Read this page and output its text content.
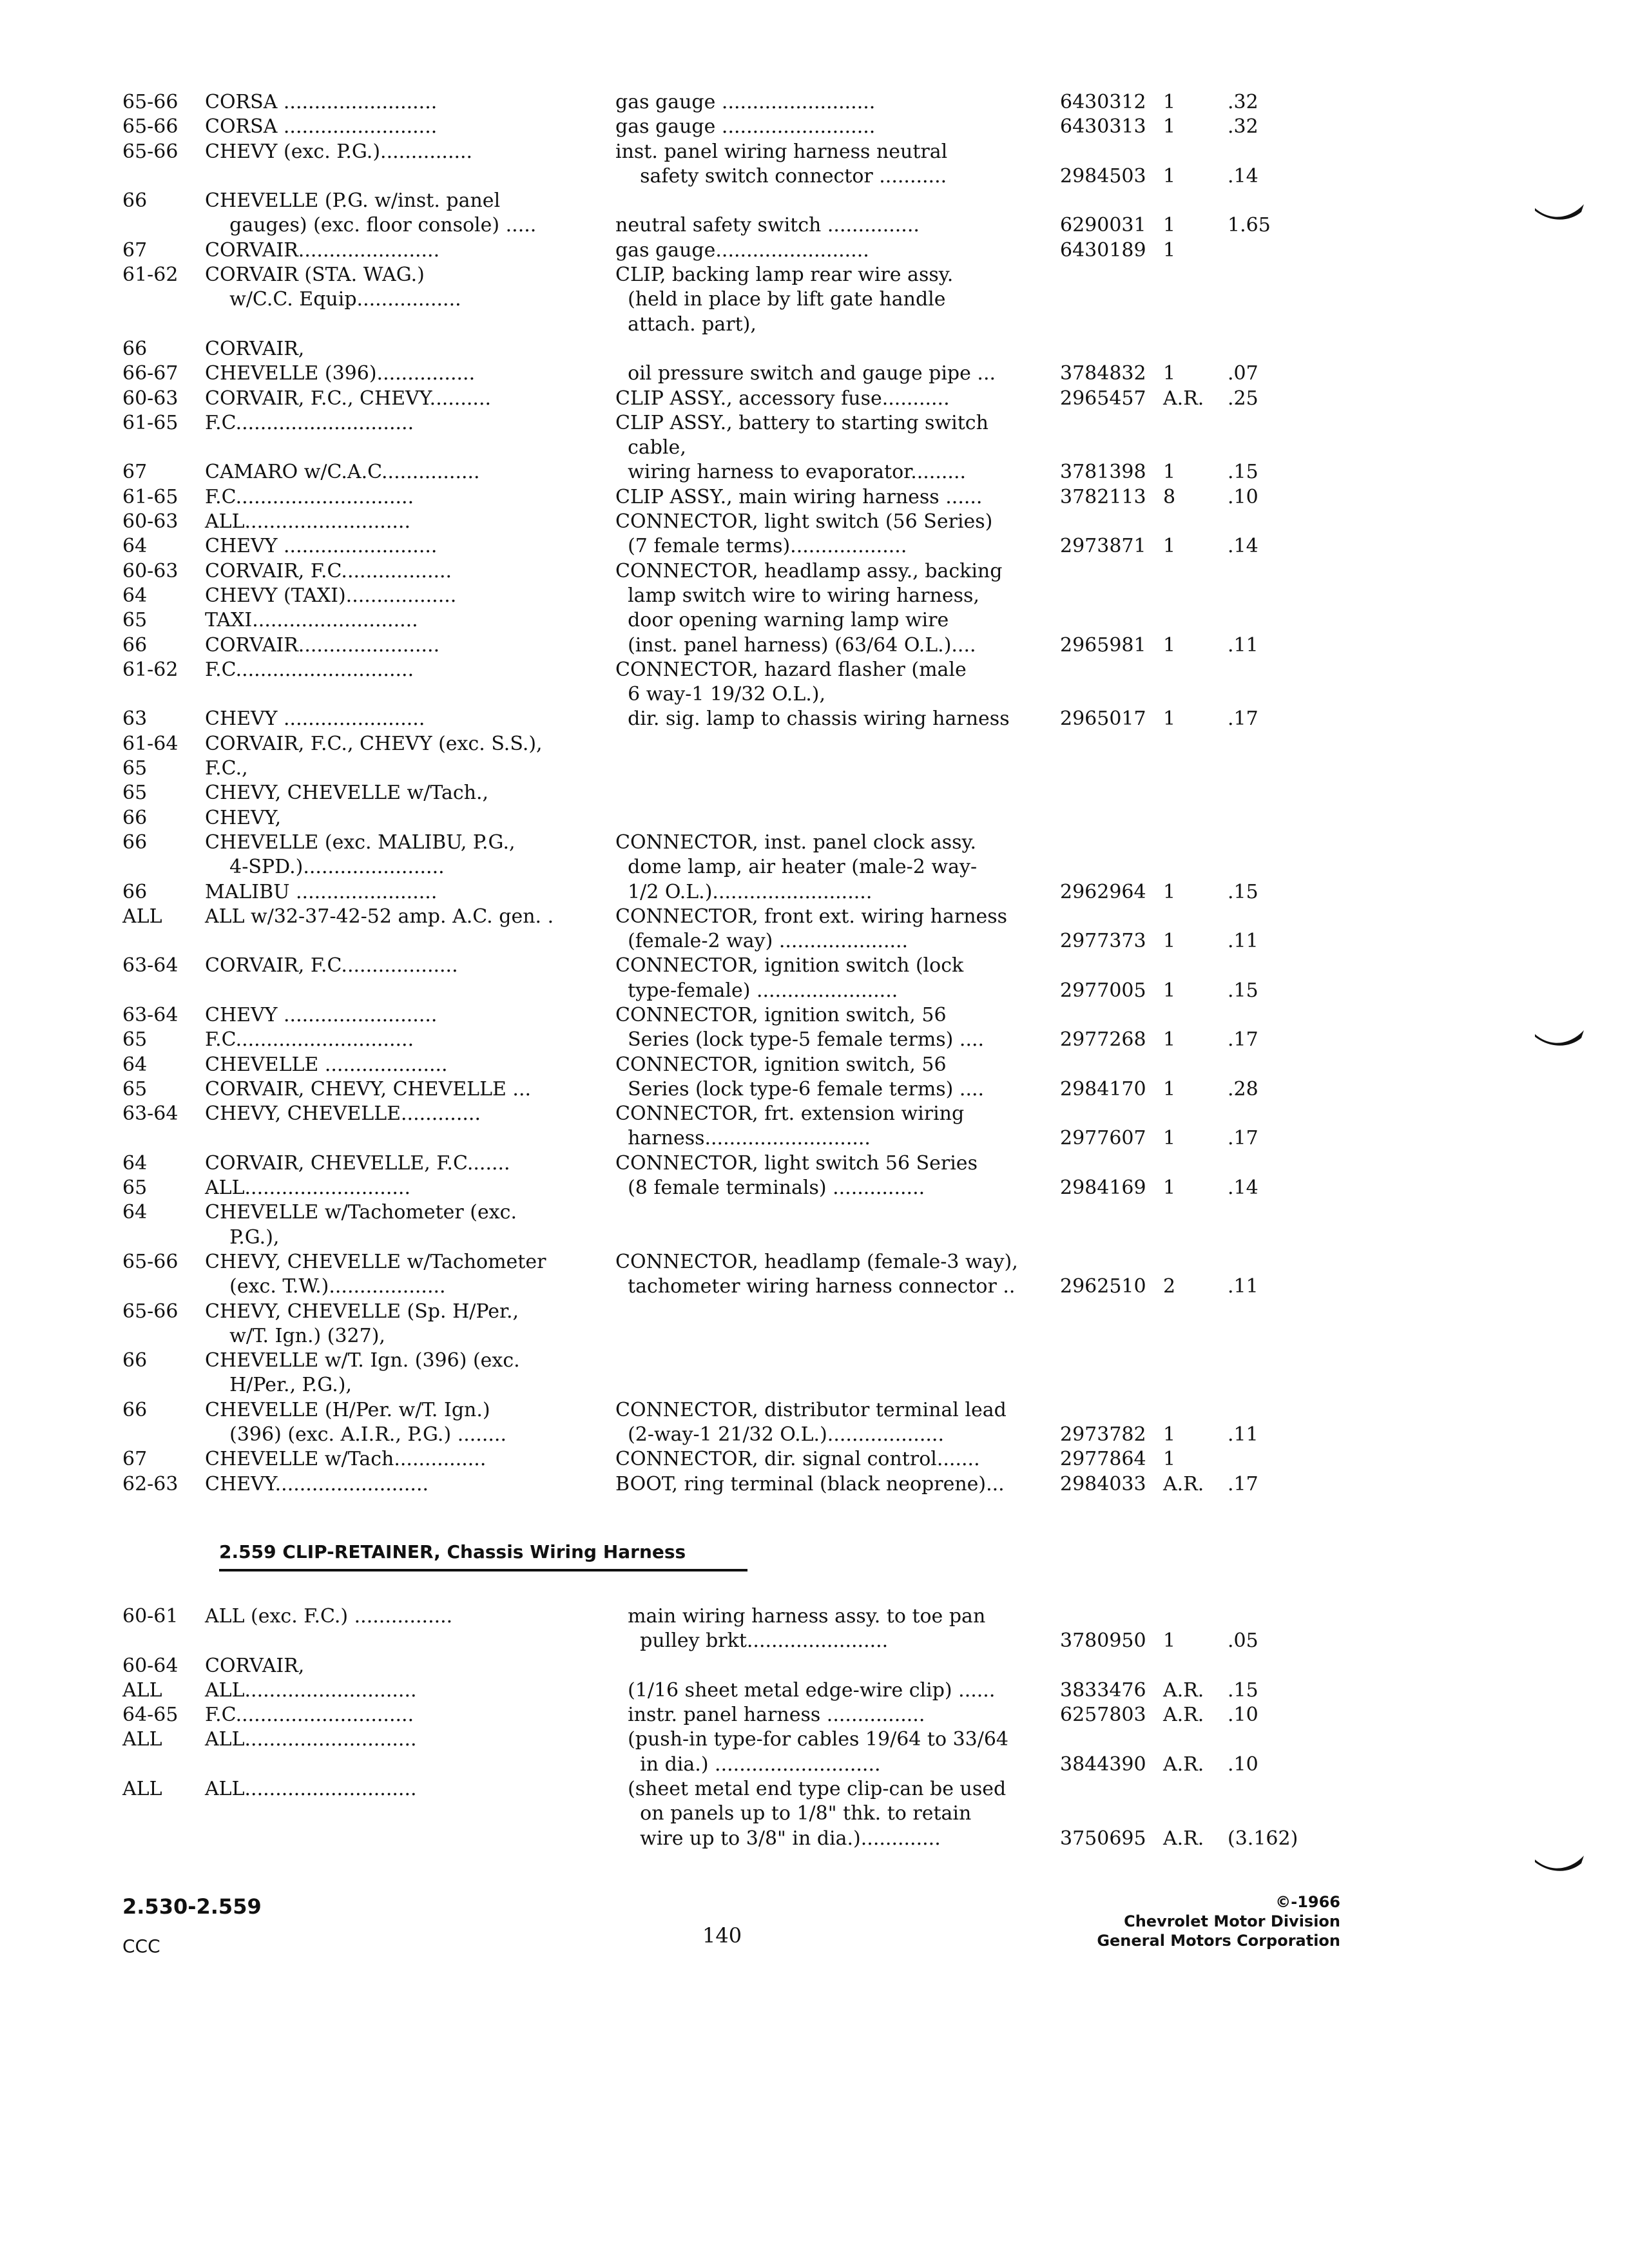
65-66 CORSA .........................	gas gauge .........................	6430312 1	.32
65-66 CORSA .........................	gas gauge .........................	6430313 1	.32
65-66 CHEVY (exc. P.G.)...............	inst. panel wiring harness neutral
safety switch connector ...........	2984503 1	.14
66	CHEVELLE (P.G. w/inst. panel
gauges) (exc. floor console) .....	neutral safety switch ...............	6290031 1	1.65
67	CORVAIR.......................	gas gauge.........................	6430189 1
61-62 CORVAIR (STA. WAG.)	CLIP, backing lamp rear wire assy.
w/C.C. Equip.................	(held in place by lift gate handle
attach. part),
66	CORVAIR,
66-67 CHEVELLE (396)................	oil pressure switch and gauge pipe ...	3784832 1	.07
60-63 CORVAIR, F.C., CHEVY..........	CLIP ASSY., accessory fuse...........	2965457 A.R. .25
61-65 F.C.............................	CLIP ASSY., battery to starting switch
cable,
67	CAMARO w/C.A.C................	wiring harness to evaporator.........	3781398 1	.15
61-65 F.C.............................	CLIP ASSY., main wiring harness ......	3782113 8	.10
60-63 ALL...........................	CONNECTOR, light switch (56 Series)
64	CHEVY .........................	(7 female terms)...................	2973871 1	.14
60-63 CORVAIR, F.C..................	CONNECTOR, headlamp assy., backing
64	CHEVY (TAXI)..................	lamp switch wire to wiring harness,
65	TAXI...........................	door opening warning lamp wire
66	CORVAIR.......................	(inst. panel harness) (63/64 O.L.)....	2965981 1	.11
61-62 F.C.............................	CONNECTOR, hazard flasher (male
6 way-1 19/32 O.L.),
63	CHEVY .......................	dir. sig. lamp to chassis wiring harness	2965017 1	.17
61-64 CORVAIR, F.C., CHEVY (exc. S.S.),
65	F.C.,
65	CHEVY, CHEVELLE w/Tach.,
66	CHEVY,
66	CHEVELLE (exc. MALIBU, P.G.,	CONNECTOR, inst. panel clock assy.
4-SPD.).......................	dome lamp, air heater (male-2 way-
66	MALIBU .......................	1/2 O.L.)..........................	2962964 1	.15
ALL ALL w/32-37-42-52 amp. A.C. gen. .	CONNECTOR, front ext. wiring harness
(female-2 way) .....................	2977373 1	.11
63-64 CORVAIR, F.C...................	CONNECTOR, ignition switch (lock
type-female) .......................	2977005 1	.15
63-64 CHEVY .........................	CONNECTOR, ignition switch, 56
65	F.C.............................	Series (lock type-5 female terms) ....	2977268 1	.17
64	CHEVELLE ....................	CONNECTOR, ignition switch, 56
65	CORVAIR, CHEVY, CHEVELLE ...	Series (lock type-6 female terms) ....	2984170 1	.28
63-64 CHEVY, CHEVELLE.............	CONNECTOR, frt. extension wiring
harness...........................	2977607 1	.17
64	CORVAIR, CHEVELLE, F.C.......	CONNECTOR, light switch 56 Series
65	ALL...........................	(8 female terminals) ...............	2984169 1	.14
64	CHEVELLE w/Tachometer (exc.
P.G.),
65-66 CHEVY, CHEVELLE w/Tachometer	CONNECTOR, headlamp (female-3 way),
(exc. T.W.)...................	tachometer wiring harness connector .. 2962510 2	.11
65-66 CHEVY, CHEVELLE (Sp. H/Per.,
w/T. Ign.) (327),
66	CHEVELLE w/T. Ign. (396) (exc.
H/Per., P.G.),
66	CHEVELLE (H/Per. w/T. Ign.)	CONNECTOR, distributor terminal lead
(396) (exc. A.I.R., P.G.) ........	(2-way-1 21/32 O.L.)...................	2973782 1	.11
67	CHEVELLE w/Tach...............	CONNECTOR, dir. signal control.......	2977864 1
62-63 CHEVY.........................	BOOT, ring terminal (black neoprene)...	2984033 A.R. .17
60-61 ALL (exc. F.C.) ................	main wiring harness assy. to toe pan
pulley brkt.......................	3780950 1	.05
60-64 CORVAIR,
ALL ALL............................	(1/16 sheet metal edge-wire clip) ......	3833476 A.R. .15
64-65 F.C.............................	instr. panel harness ................	6257803 A.R. .10
ALL ALL............................	(push-in type-for cables 19/64 to 33/64
in dia.) ...........................	3844390 A.R. .10
ALL ALL............................	(sheet metal end type clip-can be used
on panels up to 1/8" thk. to retain
wire up to 3/8" in dia.).............	3750695 A.R. (3.162)
2.559 CLIP-RETAINER, Chassis Wiring Harness
2.530-2.559
CCC	140
©-1966
Chevrolet Motor Division
General Motors Corporation
